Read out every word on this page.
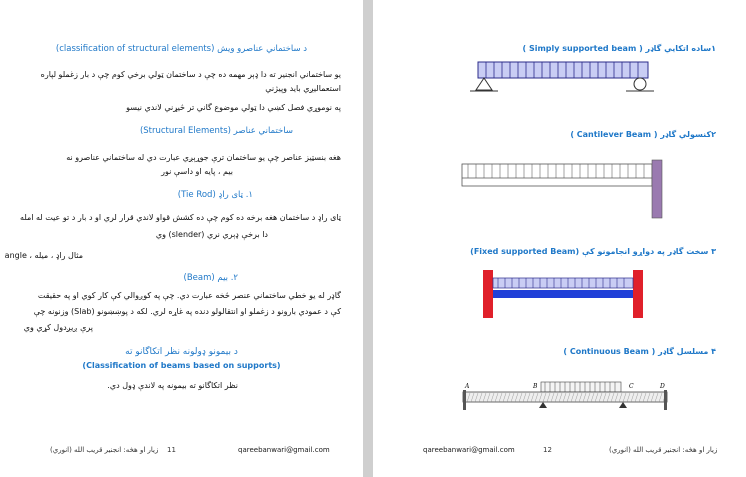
د ساختماني عناصرو ويش (classification of structural elements)
يو ساختماني انجنير ته دا ډېر مهمه ده چې د ساختمان ټولي برخي کوم چې د بار زغملو لپاره
استعماليږي بايد وپيژني
په نوموړي فصل کښي دا ټولي موضوع گاني تر څيړني لاندي نيسو
ساختماني عناصر (Structural Elements)
هغه بنسټيز عناصر چې يو ساختمان ترې جوړېږي عبارت دي له ساختماني عناصرو نه
بيم ، پايه او داسې نور
۱. ټای راډ (Tie Rod)
ټای راډ د ساختمان هغه برخه ده کوم چې ده کشش قواو لاندي قرار لري او د بار د تو عيت له امله
دا برخې ډېري نري (slender) وي
مثال راډ ، ميله ، angle
۲. بيم (Beam)
گاډر له يو خطي ساختماني عنصر څخه عبارت دي. چې په کوږوالي کې کار کوي او په حقيقت
کې د عمودي بارونو د زغملو او انتقالولو دنده په غاړه لري. لکه د پوښښونو (Slab) وزنونه چې
پرې ږيږدول کړي وي
د بیمونو ډولونه نظر اتکاگانو ته
(Classification of beams based on supports)
نظر اتکاگانو ته بیمونه په لاندې ډول دي.
زيار او هڅه: انجنير قريب الله (انوري) 11	qareebanwari@gmail.com
۱ساده اتکايي گاډر ( Simply supported beam )
۲کنسولي گاډر ( Cantilever Beam )
۳ سخت گاډر په دواړو انجامونو کې (Fixed supported Beam)
۴ مسلسل گاډر ( Continuous Beam )
A	B	C	D
qareebanwari@gmail.com	12	زيار او هڅه: انجنير قريب الله (انوري)
